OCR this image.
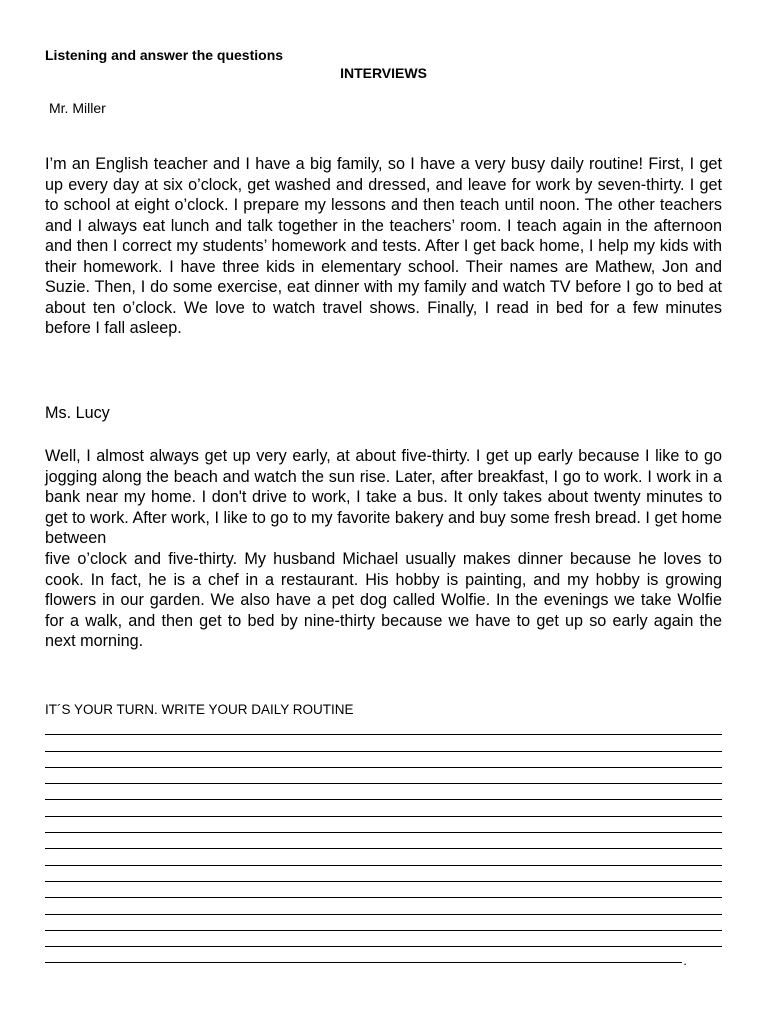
Listening and answer the questions
INTERVIEWS
Mr. Miller

I’m an English teacher and I have a big family, so I have a very busy daily routine! First, I get up every day at six o’clock, get washed and dressed, and leave for work by seven-thirty. I get to school at eight o’clock. I prepare my lessons and then teach until noon. The other teachers and I always eat lunch and talk together in the teachers’ room. I teach again in the afternoon and then I correct my students’ homework and tests. After I get back home, I help my kids with their homework. I have three kids in elementary school. Their names are Mathew, Jon and Suzie. Then, I do some exercise, eat dinner with my family and watch TV before I go to bed at about ten o’clock. We love to watch travel shows. Finally, I read in bed for a few minutes before I fall asleep.

Ms. Lucy

Well, I almost always get up very early, at about five-thirty. I get up early because I like to go jogging along the beach and watch the sun rise. Later, after breakfast, I go to work. I work in a bank near my home. I don't drive to work, I take a bus. It only takes about twenty minutes to get to work. After work, I like to go to my favorite bakery and buy some fresh bread. I get home between

five o’clock and five-thirty. My husband Michael usually makes dinner because he loves to cook. In fact, he is a chef in a restaurant. His hobby is painting, and my hobby is growing flowers in our garden. We also have a pet dog called Wolfie. In the evenings we take Wolfie for a walk, and then get to bed by nine-thirty because we have to get up so early again the next morning.

IT´S YOUR TURN. WRITE YOUR DAILY ROUTINE
.
